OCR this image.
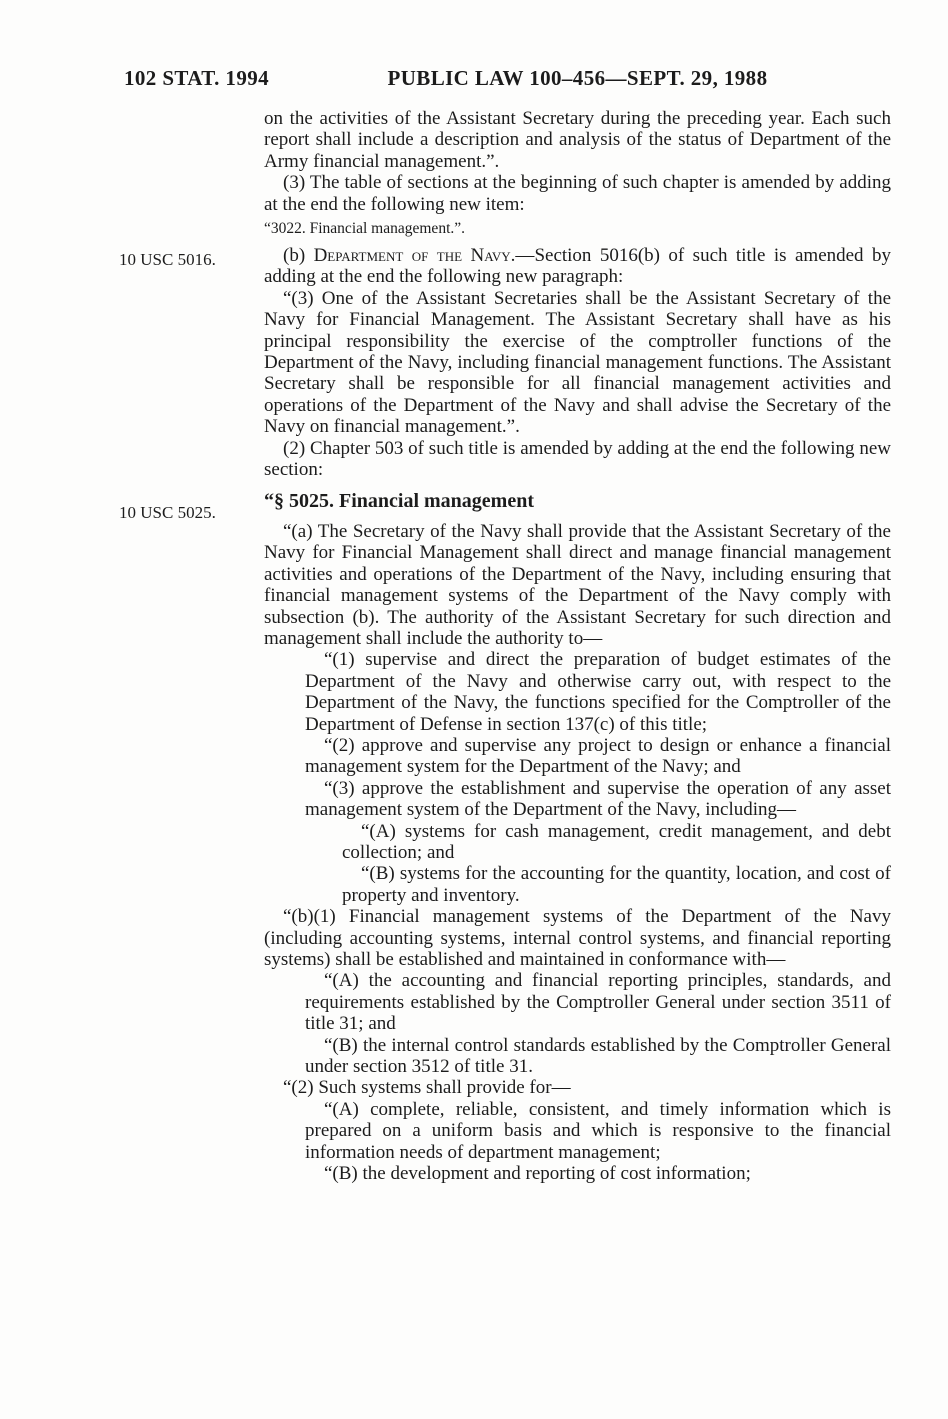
102 STAT. 1994	PUBLIC LAW 100–456—SEPT. 29, 1988
10 USC 5016.
10 USC 5025.

on the activities of the Assistant Secretary during the preceding year. Each such report shall include a description and analysis of the status of Department of the Army financial management.”.

(3) The table of sections at the beginning of such chapter is amended by adding at the end the following new item:

“3022. Financial management.”.

(b) Department of the Navy.—Section 5016(b) of such title is amended by adding at the end the following new paragraph:

“(3) One of the Assistant Secretaries shall be the Assistant Secretary of the Navy for Financial Management. The Assistant Secretary shall have as his principal responsibility the exercise of the comptroller functions of the Department of the Navy, including financial management functions. The Assistant Secretary shall be responsible for all financial management activities and operations of the Department of the Navy and shall advise the Secretary of the Navy on financial management.”.

(2) Chapter 503 of such title is amended by adding at the end the following new section:

“§ 5025. Financial management

“(a) The Secretary of the Navy shall provide that the Assistant Secretary of the Navy for Financial Management shall direct and manage financial management activities and operations of the Department of the Navy, including ensuring that financial management systems of the Department of the Navy comply with subsection (b). The authority of the Assistant Secretary for such direction and management shall include the authority to—

“(1) supervise and direct the preparation of budget estimates of the Department of the Navy and otherwise carry out, with respect to the Department of the Navy, the functions specified for the Comptroller of the Department of Defense in section 137(c) of this title;

“(2) approve and supervise any project to design or enhance a financial management system for the Department of the Navy; and

“(3) approve the establishment and supervise the operation of any asset management system of the Department of the Navy, including—

“(A) systems for cash management, credit management, and debt collection; and

“(B) systems for the accounting for the quantity, location, and cost of property and inventory.

“(b)(1) Financial management systems of the Department of the Navy (including accounting systems, internal control systems, and financial reporting systems) shall be established and maintained in conformance with—

“(A) the accounting and financial reporting principles, standards, and requirements established by the Comptroller General under section 3511 of title 31; and

“(B) the internal control standards established by the Comptroller General under section 3512 of title 31.

“(2) Such systems shall provide for—

“(A) complete, reliable, consistent, and timely information which is prepared on a uniform basis and which is responsive to the financial information needs of department management;

“(B) the development and reporting of cost information;
